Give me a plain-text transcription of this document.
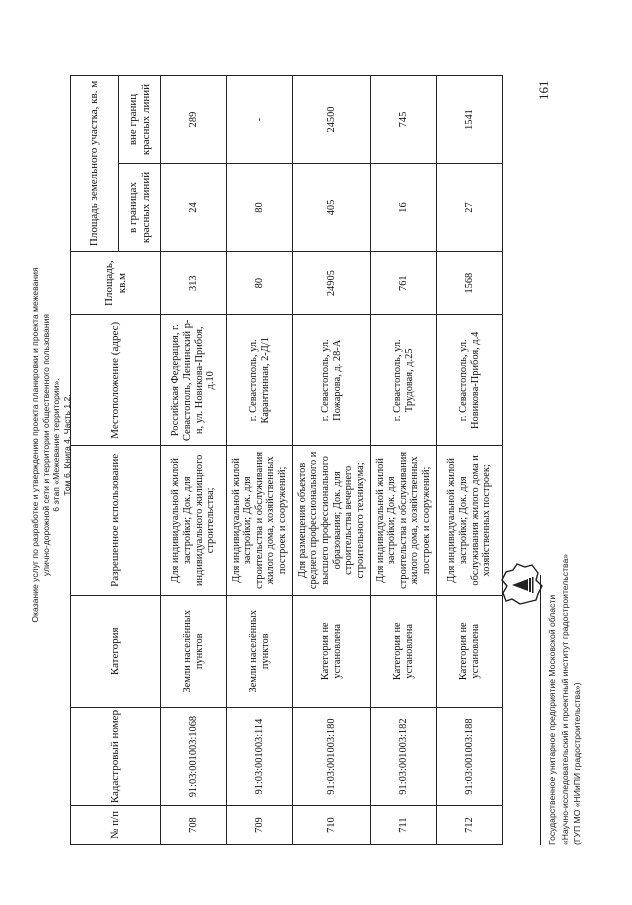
Оказание услуг по разработке и утверждению проекта планировки и проекта межевания улично-дорожной сети и территории общественного пользования 6 этап «Межевание территории». Том 6. Книга 4. Часть 1.2.
161
№ п/п	Кадастровый номер	Категория	Разрешенное использование	Местоположение (адрес)	Площадь, кв.м	Площадь земельного участка, кв. м	
						в границах красных линий	вне границ красных линий
708	91:03:001003:1068	Земли населённых пунктов	Для индивидуальной жилой застройки; Док. для индивидуального жилищного строительства;	Российская Федерация, г. Севастополь, Ленинский р-н, ул. Новикова-Прибоя, д.10	313	24	289
709	91:03:001003:114	Земли населённых пунктов	Для индивидуальной жилой застройки; Док. для строительства и обслуживания жилого дома, хозяйственных построек и сооружений;	г. Севастополь, ул. Карантинная, 2-Д/1	80	80	-
710	91:03:001003:180	Категория не установлена	Для размещения объектов среднего профессионального и высшего профессионального образования; Док. для строительства вечернего строительного техникума;	г. Севастополь, ул. Пожарова, д. 28-А	24905	405	24500
711	91:03:001003:182	Категория не установлена	Для индивидуальной жилой застройки; Док. для строительства и обслуживания жилого дома, хозяйственных построек и сооружений;	г. Севастополь, ул. Трудовая, д.25	761	16	745
712	91:03:001003:188	Категория не установлена	Для индивидуальной жилой застройки; Док. для обслуживания жилого дома и хозяйственных построек;	г. Севастополь, ул. Новикова-Прибоя, д.4	1568	27	1541
Государственное унитарное предприятие Московской области «Научно-исследовательский и проектный институт градостроительства» (ГУП МО «НИиПИ градостроительства»)
